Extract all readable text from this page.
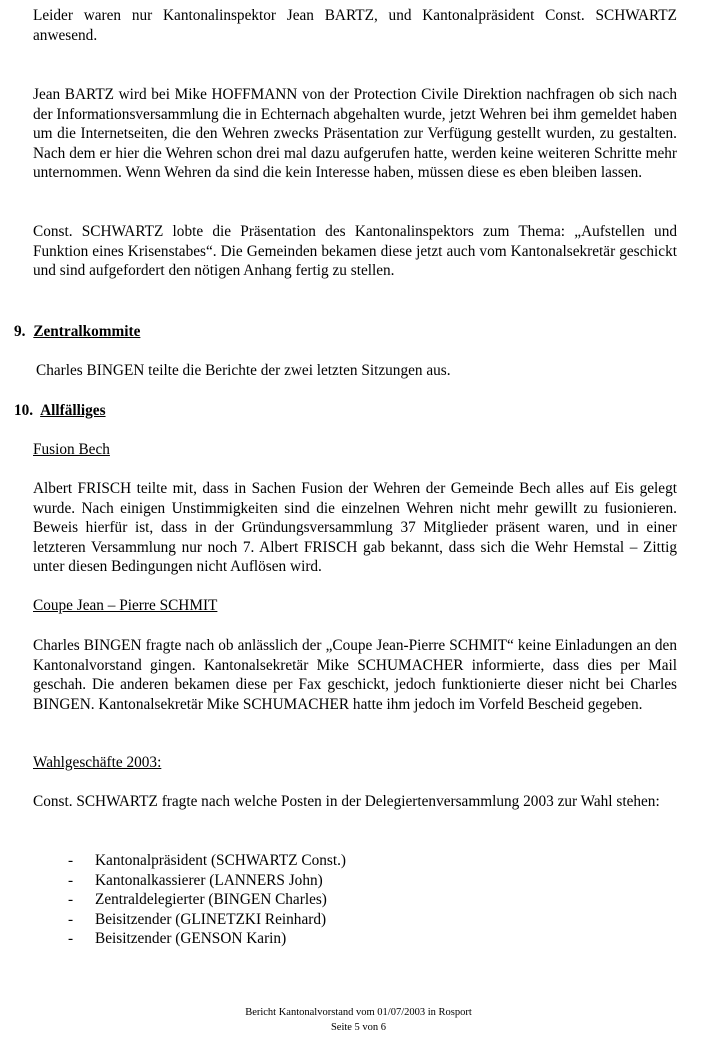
Leider waren nur Kantonalinspektor Jean BARTZ, und Kantonalpräsident Const. SCHWARTZ anwesend.

Jean BARTZ wird bei Mike HOFFMANN von der Protection Civile Direktion nachfragen ob sich nach der Informationsversammlung die in Echternach abgehalten wurde, jetzt Wehren bei ihm gemeldet haben um die Internetseiten, die den Wehren zwecks Präsentation zur Verfügung gestellt wurden, zu gestalten. Nach dem er hier die Wehren schon drei mal dazu aufgerufen hatte, werden keine weiteren Schritte mehr unternommen. Wenn Wehren da sind die kein Interesse haben, müssen diese es eben bleiben lassen.

Const. SCHWARTZ lobte die Präsentation des Kantonalinspektors zum Thema: „Aufstellen und Funktion eines Krisenstabes“. Die Gemeinden bekamen diese jetzt auch vom Kantonalsekretär geschickt und sind aufgefordert den nötigen Anhang fertig zu stellen.

9. Zentralkommite

Charles BINGEN teilte die Berichte der zwei letzten Sitzungen aus.

10. Allfälliges

Fusion Bech

Albert FRISCH teilte mit, dass in Sachen Fusion der Wehren der Gemeinde Bech alles auf Eis gelegt wurde. Nach einigen Unstimmigkeiten sind die einzelnen Wehren nicht mehr gewillt zu fusionieren. Beweis hierfür ist, dass in der Gründungsversammlung 37 Mitglieder präsent waren, und in einer letzteren Versammlung nur noch 7. Albert FRISCH gab bekannt, dass sich die Wehr Hemstal – Zittig unter diesen Bedingungen nicht Auflösen wird.

Coupe Jean – Pierre SCHMIT

Charles BINGEN fragte nach ob anlässlich der „Coupe Jean-Pierre SCHMIT“ keine Einladungen an den Kantonalvorstand gingen. Kantonalsekretär Mike SCHUMACHER informierte, dass dies per Mail geschah. Die anderen bekamen diese per Fax geschickt, jedoch funktionierte dieser nicht bei Charles BINGEN. Kantonalsekretär Mike SCHUMACHER hatte ihm jedoch im Vorfeld Bescheid gegeben.

Wahlgeschäfte 2003:

Const. SCHWARTZ fragte nach welche Posten in der Delegiertenversammlung 2003 zur Wahl stehen:

- Kantonalpräsident (SCHWARTZ Const.)
- Kantonalkassierer (LANNERS John)
- Zentraldelegierter (BINGEN Charles)
- Beisitzender (GLINETZKI Reinhard)
- Beisitzender (GENSON Karin)
Bericht Kantonalvorstand vom 01/07/2003 in Rosport
Seite 5 von 6
